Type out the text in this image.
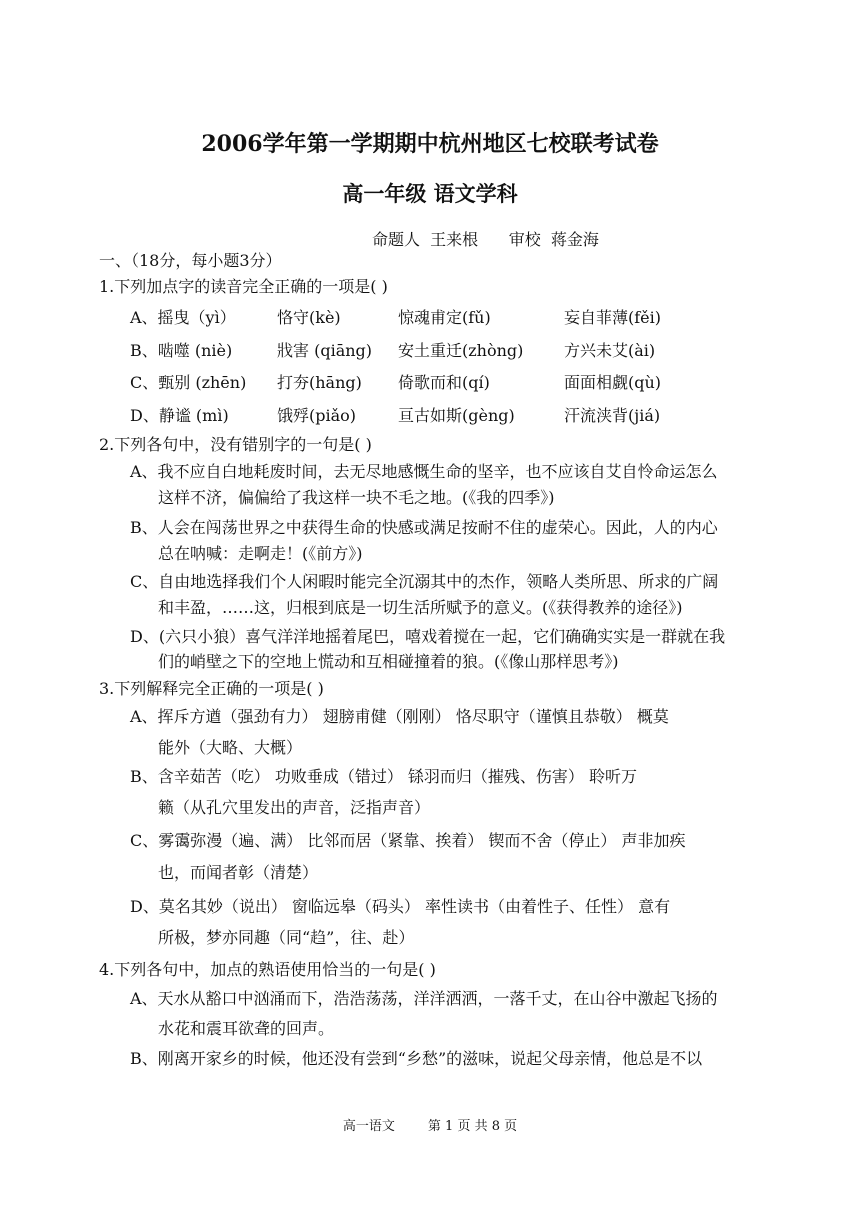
2006学年第一学期期中杭州地区七校联考试卷
高一年级 语文学科
命题人  王来根      审校  蒋金海
一、（18分，每小题3分）
1.下列加点字的读音完全正确的一项是( )
A、摇曳（yì）	恪守(kè)	惊魂甫定(fǔ)	妄自菲薄(fěi)
B、啮噬 (niè)	戕害 (qiāng) 安土重迁(zhòng)	方兴未艾(ài)
C、甄别 (zhēn) 打夯(hāng) 倚歌而和(qí)	面面相觑(qù)
D、静谧 (mì)	饿殍(piǎo)	亘古如斯(gèng)	汗流浃背(jiá)
2.下列各句中，没有错别字的一句是( )
A、我不应自白地耗废时间，去无尽地感慨生命的坚辛，也不应该自艾自怜命运怎么
这样不济，偏偏给了我这样一块不毛之地。(《我的四季》)
B、人会在闯荡世界之中获得生命的快感或满足按耐不住的虚荣心。因此，人的内心
总在呐喊：走啊走！(《前方》)
C、自由地选择我们个人闲暇时能完全沉溺其中的杰作，领略人类所思、所求的广阔
和丰盈，……这，归根到底是一切生活所赋予的意义。(《获得教养的途径》)
D、(六只小狼）喜气洋洋地摇着尾巴，嘻戏着搅在一起，它们确确实实是一群就在我
们的峭壁之下的空地上慌动和互相碰撞着的狼。(《像山那样思考》)
3.下列解释完全正确的一项是( )
A、挥斥方遒（强劲有力） 翅膀甫健（刚刚） 恪尽职守（谨慎且恭敬） 概莫
能外（大略、大概）
B、含辛茹苦（吃） 功败垂成（错过） 铩羽而归（摧残、伤害） 聆听万
籁（从孔穴里发出的声音，泛指声音）
C、雾霭弥漫（遍、满） 比邻而居（紧靠、挨着） 锲而不舍（停止） 声非加疾
也，而闻者彰（清楚）
D、莫名其妙（说出） 窗临远皋（码头） 率性读书（由着性子、任性） 意有
所极，梦亦同趣（同“趋”，往、赴）
4.下列各句中，加点的熟语使用恰当的一句是( )
A、天水从豁口中汹涌而下，浩浩荡荡，洋洋洒洒，一落千丈，在山谷中激起飞扬的
水花和震耳欲聋的回声。
B、刚离开家乡的时候，他还没有尝到“乡愁”的滋味，说起父母亲情，他总是不以
高一语文        第 1 页 共 8 页
